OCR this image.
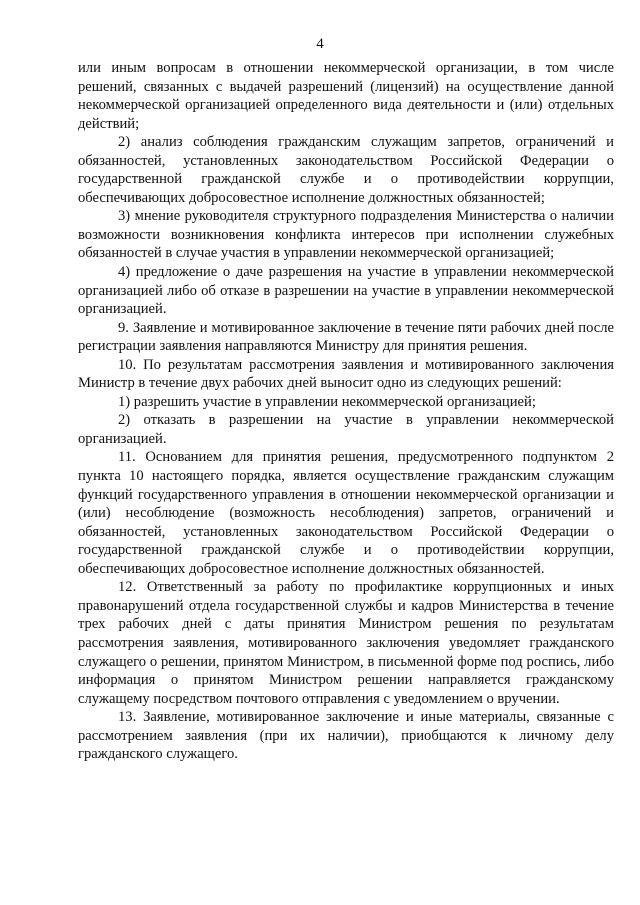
4

или иным вопросам в отношении некоммерческой организации, в том числе решений, связанных с выдачей разрешений (лицензий) на осуществление данной некоммерческой организацией определенного вида деятельности и (или) отдельных действий;

2) анализ соблюдения гражданским служащим запретов, ограничений и обязанностей, установленных законодательством Российской Федерации о государственной гражданской службе и о противодействии коррупции, обеспечивающих добросовестное исполнение должностных обязанностей;

3) мнение руководителя структурного подразделения Министерства о наличии возможности возникновения конфликта интересов при исполнении служебных обязанностей в случае участия в управлении некоммерческой организацией;

4) предложение о даче разрешения на участие в управлении некоммерческой организацией либо об отказе в разрешении на участие в управлении некоммерческой организацией.

9. Заявление и мотивированное заключение в течение пяти рабочих дней после регистрации заявления направляются Министру для принятия решения.

10. По результатам рассмотрения заявления и мотивированного заключения Министр в течение двух рабочих дней выносит одно из следующих решений:

1) разрешить участие в управлении некоммерческой организацией;

2) отказать в разрешении на участие в управлении некоммерческой организацией.

11. Основанием для принятия решения, предусмотренного подпунктом 2 пункта 10 настоящего порядка, является осуществление гражданским служащим функций государственного управления в отношении некоммерческой организации и (или) несоблюдение (возможность несоблюдения) запретов, ограничений и обязанностей, установленных законодательством Российской Федерации о государственной гражданской службе и о противодействии коррупции, обеспечивающих добросовестное исполнение должностных обязанностей.

12. Ответственный за работу по профилактике коррупционных и иных правонарушений отдела государственной службы и кадров Министерства в течение трех рабочих дней с даты принятия Министром решения по результатам рассмотрения заявления, мотивированного заключения уведомляет гражданского служащего о решении, принятом Министром, в письменной форме под роспись, либо информация о принятом Министром решении направляется гражданскому служащему посредством почтового отправления с уведомлением о вручении.

13. Заявление, мотивированное заключение и иные материалы, связанные с рассмотрением заявления (при их наличии), приобщаются к личному делу гражданского служащего.
